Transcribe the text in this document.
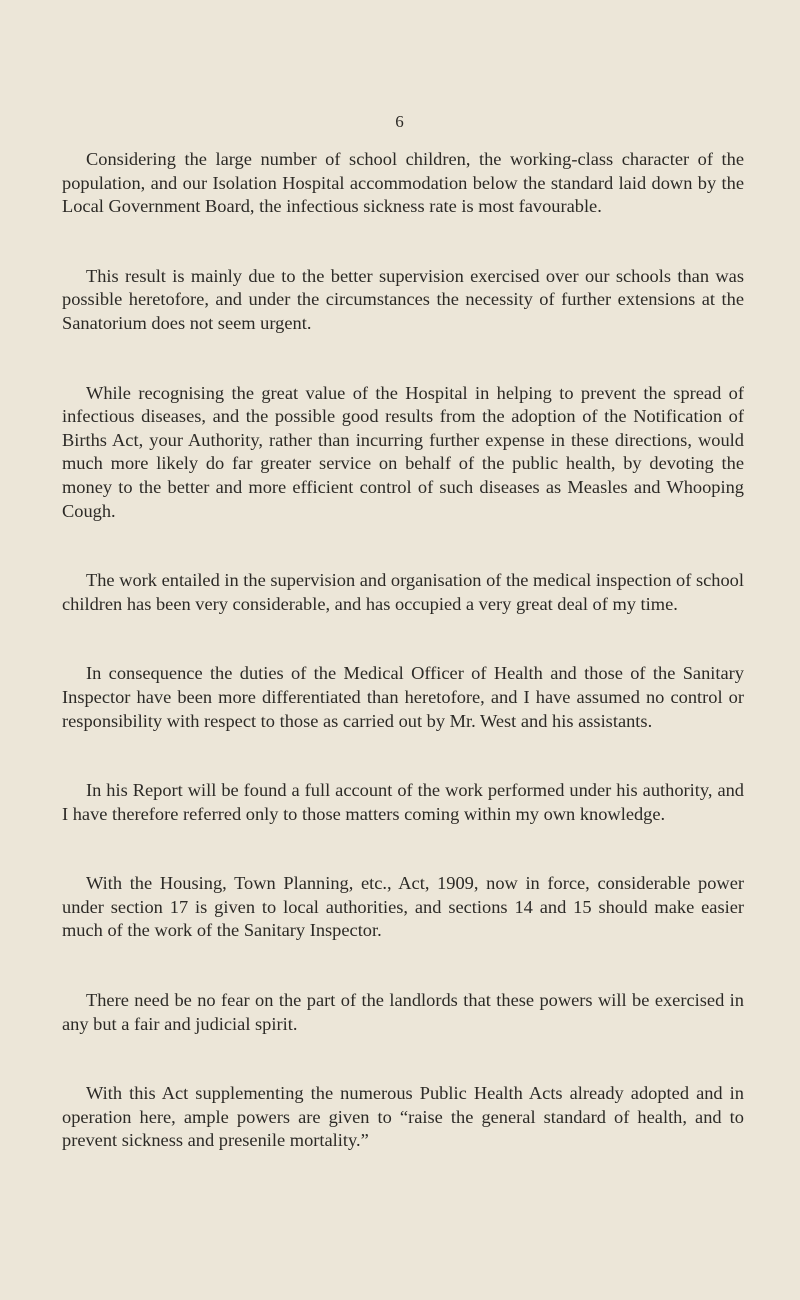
6

Considering the large number of school children, the working-class character of the population, and our Isolation Hospital accommodation below the standard laid down by the Local Government Board, the infectious sickness rate is most favourable.

This result is mainly due to the better supervision exercised over our schools than was possible heretofore, and under the circumstances the necessity of further extensions at the Sanatorium does not seem urgent.

While recognising the great value of the Hospital in helping to prevent the spread of infectious diseases, and the possible good results from the adoption of the Notification of Births Act, your Authority, rather than incurring further expense in these directions, would much more likely do far greater service on behalf of the public health, by devoting the money to the better and more efficient control of such diseases as Measles and Whooping Cough.

The work entailed in the supervision and organisation of the medical inspection of school children has been very considerable, and has occupied a very great deal of my time.

In consequence the duties of the Medical Officer of Health and those of the Sanitary Inspector have been more differentiated than heretofore, and I have assumed no control or responsibility with respect to those as carried out by Mr. West and his assistants.

In his Report will be found a full account of the work performed under his authority, and I have therefore referred only to those matters coming within my own knowledge.

With the Housing, Town Planning, etc., Act, 1909, now in force, considerable power under section 17 is given to local authorities, and sections 14 and 15 should make easier much of the work of the Sanitary Inspector.

There need be no fear on the part of the landlords that these powers will be exercised in any but a fair and judicial spirit.

With this Act supplementing the numerous Public Health Acts already adopted and in operation here, ample powers are given to “raise the general standard of health, and to prevent sickness and presenile mortality.”
